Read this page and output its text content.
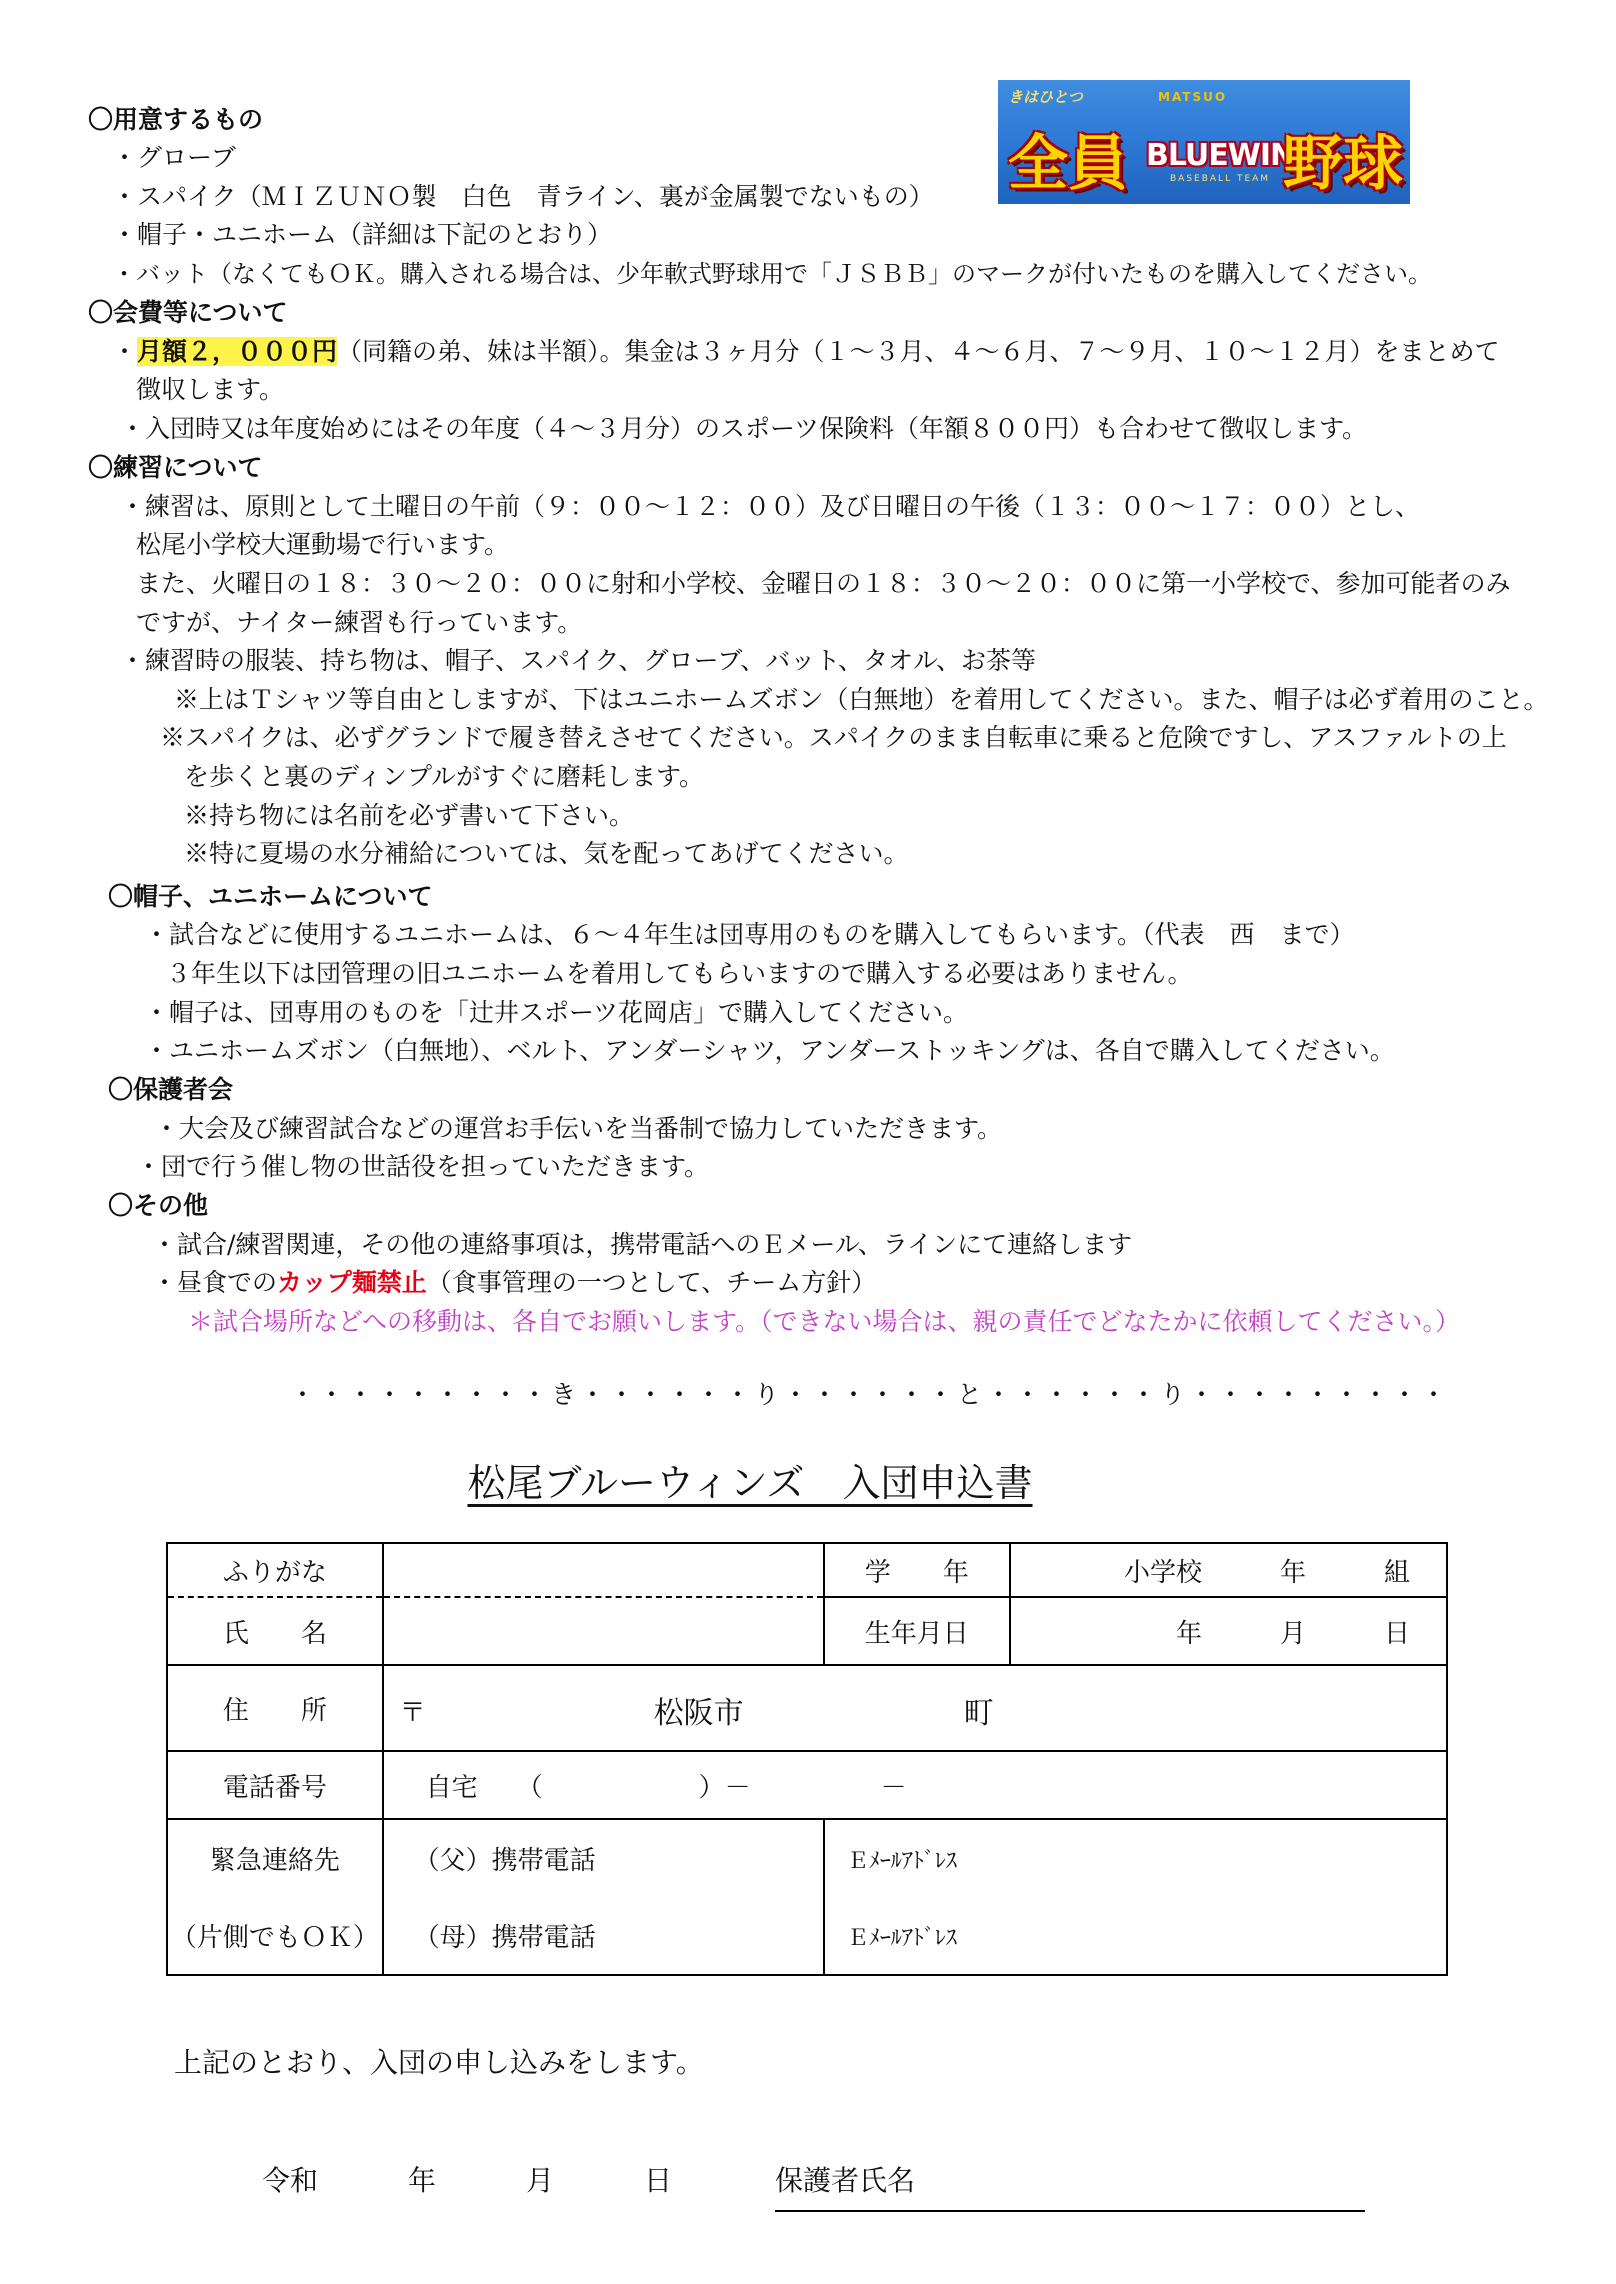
きはひとつ	MATSUO
全員 BLUEWINS
BASEBALL TEAM 野球
〇用意するもの
・グローブ
・スパイク（ＭＩＺＵＮＯ製　白色　青ライン、裏が金属製でないもの）
・帽子・ユニホーム（詳細は下記のとおり）
・バット（なくてもＯＫ。購入される場合は、少年軟式野球用で「ＪＳＢＢ」のマークが付いたものを購入してください。
〇会費等について
・月額２，０００円（同籍の弟、妹は半額）。集金は３ヶ月分（１～３月、４～６月、７～９月、１０～１２月）をまとめて
徴収します。
・入団時又は年度始めにはその年度（４～３月分）のスポーツ保険料（年額８００円）も合わせて徴収します。
〇練習について
・練習は、原則として土曜日の午前（９：００～１２：００）及び日曜日の午後（１３：００～１７：００）とし、
松尾小学校大運動場で行います。
また、火曜日の１８：３０～２０：００に射和小学校、金曜日の１８：３０～２０：００に第一小学校で、参加可能者のみ
ですが、ナイター練習も行っています。
・練習時の服装、持ち物は、帽子、スパイク、グローブ、バット、タオル、お茶等
※上はＴシャツ等自由としますが、下はユニホームズボン（白無地）を着用してください。また、帽子は必ず着用のこと。
※スパイクは、必ずグランドで履き替えさせてください。スパイクのまま自転車に乗ると危険ですし、アスファルトの上
を歩くと裏のディンプルがすぐに磨耗します。
※持ち物には名前を必ず書いて下さい。
※特に夏場の水分補給については、気を配ってあげてください。
〇帽子、ユニホームについて
・試合などに使用するユニホームは、６～４年生は団専用のものを購入してもらいます。（代表　西　まで）
３年生以下は団管理の旧ユニホームを着用してもらいますので購入する必要はありません。
・帽子は、団専用のものを「辻井スポーツ花岡店」で購入してください。
・ユニホームズボン（白無地）、ベルト、アンダーシャツ，アンダーストッキングは、各自で購入してください。
〇保護者会
・大会及び練習試合などの運営お手伝いを当番制で協力していただきます。
・団で行う催し物の世話役を担っていただきます。
〇その他
・試合/練習関連，その他の連絡事項は，携帯電話へのＥメール、ラインにて連絡します
・昼食でのカップ麺禁止（食事管理の一つとして、チーム方針）
＊試合場所などへの移動は、各自でお願いします。（できない場合は、親の責任でどなたかに依頼してください。）
・・・・・・・・・き・・・・・・り・・・・・・と・・・・・・り・・・・・・・・・
松尾ブルーウィンズ　入団申込書
ふりがな		学　　年	小学校　　　年　　　組
氏　　名		生年月日	年　　　月　　　日
住　　所	〒 松阪市 町		

電話番号	自宅　　（　　　　　　）－　　　　　－		
緊急連絡先	（父）携帯電話	Ｅﾒｰﾙｱﾄﾞﾚｽ	

（片側でもＯＫ）	（母）携帯電話	Ｅﾒｰﾙｱﾄﾞﾚｽ	
上記のとおり、入団の申し込みをします。
令和	年	月	日	保護者氏名
